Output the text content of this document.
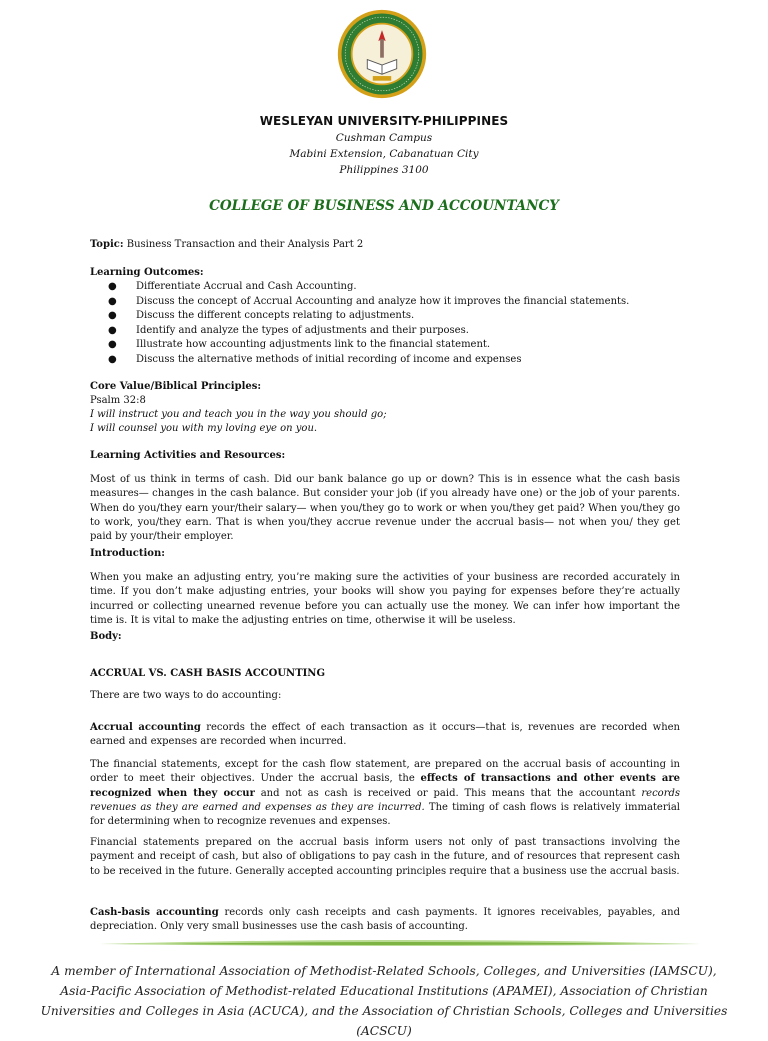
WESLEYAN UNIVERSITY-PHILIPPINES
Cushman Campus
Mabini Extension, Cabanatuan City
Philippines 3100
COLLEGE OF BUSINESS AND ACCOUNTANCY
Topic: Business Transaction and their Analysis Part 2
Learning Outcomes:
● Differentiate Accrual and Cash Accounting.
● Discuss the concept of Accrual Accounting and analyze how it improves the financial statements.
● Discuss the different concepts relating to adjustments.
● Identify and analyze the types of adjustments and their purposes.
● Illustrate how accounting adjustments link to the financial statement.
● Discuss the alternative methods of initial recording of income and expenses
Core Value/Biblical Principles:
Psalm 32:8
I will instruct you and teach you in the way you should go;
I will counsel you with my loving eye on you.
Learning Activities and Resources:

Most of us think in terms of cash. Did our bank balance go up or down? This is in essence what the cash basis measures— changes in the cash balance. But consider your job (if you already have one) or the job of your parents. When do you/they earn your/their salary— when you/they go to work or when you/they get paid? When you/they go to work, you/they earn. That is when you/they accrue revenue under the accrual basis— not when you/ they get paid by your/their employer.

Introduction:

When you make an adjusting entry, you’re making sure the activities of your business are recorded accurately in time. If you don’t make adjusting entries, your books will show you paying for expenses before they’re actually incurred or collecting unearned revenue before you can actually use the money. We can infer how important the time is. It is vital to make the adjusting entries on time, otherwise it will be useless.

Body:
ACCRUAL VS. CASH BASIS ACCOUNTING
There are two ways to do accounting:

Accrual accounting records the effect of each transaction as it occurs—that is, revenues are recorded when earned and expenses are recorded when incurred.

The financial statements, except for the cash flow statement, are prepared on the accrual basis of accounting in order to meet their objectives. Under the accrual basis, the effects of transactions and other events are recognized when they occur and not as cash is received or paid. This means that the accountant records revenues as they are earned and expenses as they are incurred. The timing of cash flows is relatively immaterial for determining when to recognize revenues and expenses.

Financial statements prepared on the accrual basis inform users not only of past transactions involving the payment and receipt of cash, but also of obligations to pay cash in the future, and of resources that represent cash to be received in the future. Generally accepted accounting principles require that a business use the accrual basis.

Cash-basis accounting records only cash receipts and cash payments. It ignores receivables, payables, and depreciation. Only very small businesses use the cash basis of accounting.

A member of International Association of Methodist-Related Schools, Colleges, and Universities (IAMSCU), Asia-Pacific Association of Methodist-related Educational Institutions (APAMEI), Association of Christian Universities and Colleges in Asia (ACUCA), and the Association of Christian Schools, Colleges and Universities (ACSCU)
